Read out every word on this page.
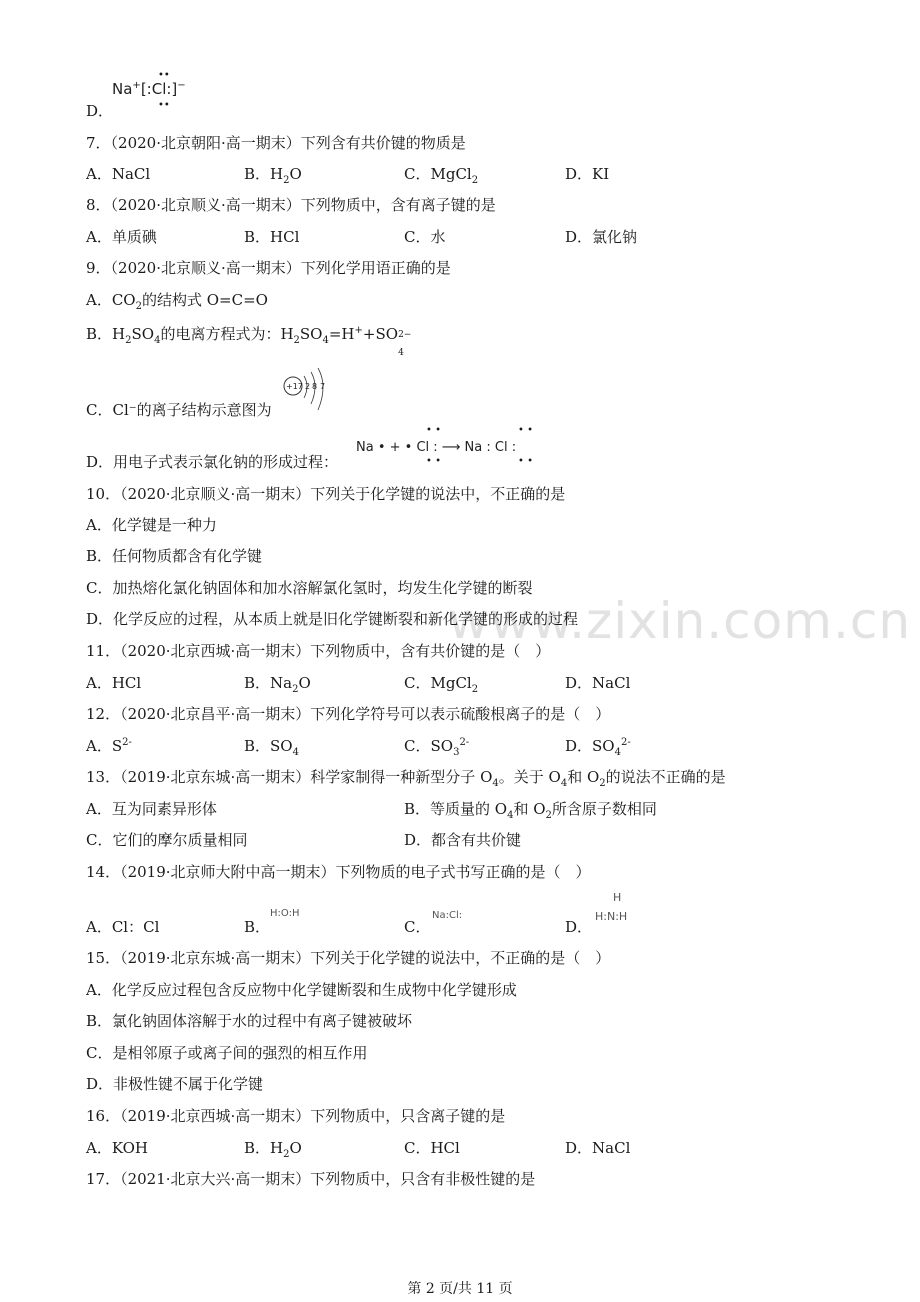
www.zixin.com.cn
Na+[:Cl:]−
••
••
D．
7．（2020·北京朝阳·高一期末）下列含有共价键的物质是
A．NaCl	B．$H_2O$	C．MgCl$_2$	D．KI
8．（2020·北京顺义·高一期末）下列物质中，含有离子键的是
A．单质碘	B．HCl	C．水	D．氯化钠
9．（2020·北京顺义·高一期末）下列化学用语正确的是
A．$CO_2$的结构式 O=C=O
B．$H_2SO_4$的电离方程式为：$H_2SO_4=H^++SO$ 2−
4
+17 2 8 7
C．Cl⁻的离子结构示意图为
D．用电子式表示氯化钠的形成过程：
Na • + • Cl : ⟶ Na : Cl :
• •
• •
• •
• •
10．（2020·北京顺义·高一期末）下列关于化学键的说法中，不正确的是
A．化学键是一种力
B．任何物质都含有化学键
C．加热熔化氯化钠固体和加水溶解氯化氢时，均发生化学键的断裂
D．化学反应的过程，从本质上就是旧化学键断裂和新化学键的形成的过程
11．（2020·北京西城·高一期末）下列物质中，含有共价键的是（　）
A．HCl	B．$Na_2O$	C．MgCl$_2$	D．NaCl
12．（2020·北京昌平·高一期末）下列化学符号可以表示硫酸根离子的是（　）
A．$S^{2-}$	B．$SO_4$	C．$SO_3^{2-}$	D．$SO_4^{2-}$
13．（2019·北京东城·高一期末）科学家制得一种新型分子 $O_4$。关于 $O_4$和 $O_2$的说法不正确的是
A．互为同素异形体	B．等质量的 $O_4$和 $O_2$所含原子数相同
C．它们的摩尔质量相同	D．都含有共价键
14．（2019·北京师大附中高一期末）下列物质的电子式书写正确的是（　）
A．Cl：Cl	B．
H:O:H
C．
Na:Cl:
D．
H
H:N:H
15．（2019·北京东城·高一期末）下列关于化学键的说法中，不正确的是（　）
A．化学反应过程包含反应物中化学键断裂和生成物中化学键形成
B．氯化钠固体溶解于水的过程中有离子键被破坏
C．是相邻原子或离子间的强烈的相互作用
D．非极性键不属于化学键
16．（2019·北京西城·高一期末）下列物质中，只含离子键的是
A．KOH	B．$H_2O$	C．HCl	D．NaCl
17．（2021·北京大兴·高一期末）下列物质中，只含有非极性键的是
第 2 页/共 11 页
